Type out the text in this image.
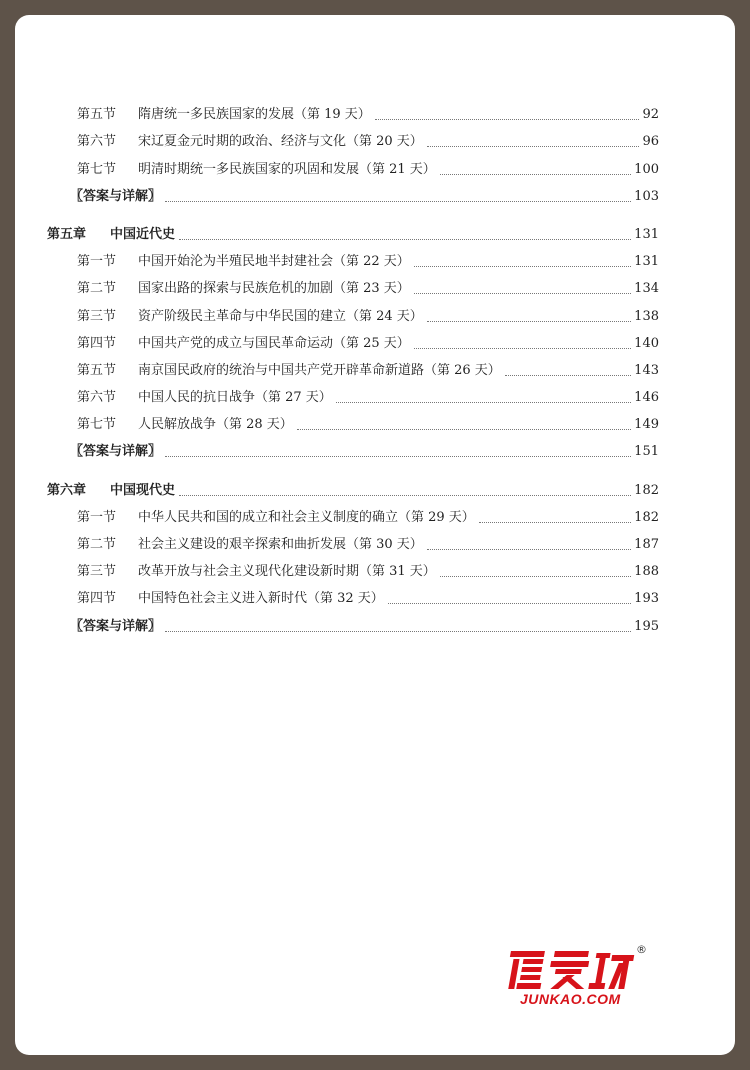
第五节 隋唐统一多民族国家的发展（第 19 天）	92
第六节 宋辽夏金元时期的政治、经济与文化（第 20 天）	96
第七节 明清时期统一多民族国家的巩固和发展（第 21 天）	100
〖答案与详解〗	103
第五章 中国近代史	131
第一节 中国开始沦为半殖民地半封建社会（第 22 天）	131
第二节 国家出路的探索与民族危机的加剧（第 23 天）	134
第三节 资产阶级民主革命与中华民国的建立（第 24 天）	138
第四节 中国共产党的成立与国民革命运动（第 25 天）	140
第五节 南京国民政府的统治与中国共产党开辟革命新道路（第 26 天）	143
第六节 中国人民的抗日战争（第 27 天）	146
第七节 人民解放战争（第 28 天）	149
〖答案与详解〗	151
第六章 中国现代史	182
第一节 中华人民共和国的成立和社会主义制度的确立（第 29 天）	182
第二节 社会主义建设的艰辛探索和曲折发展（第 30 天）	187
第三节 改革开放与社会主义现代化建设新时期（第 31 天）	188
第四节 中国特色社会主义进入新时代（第 32 天）	193
〖答案与详解〗	195
®
JUNKAO.COM
